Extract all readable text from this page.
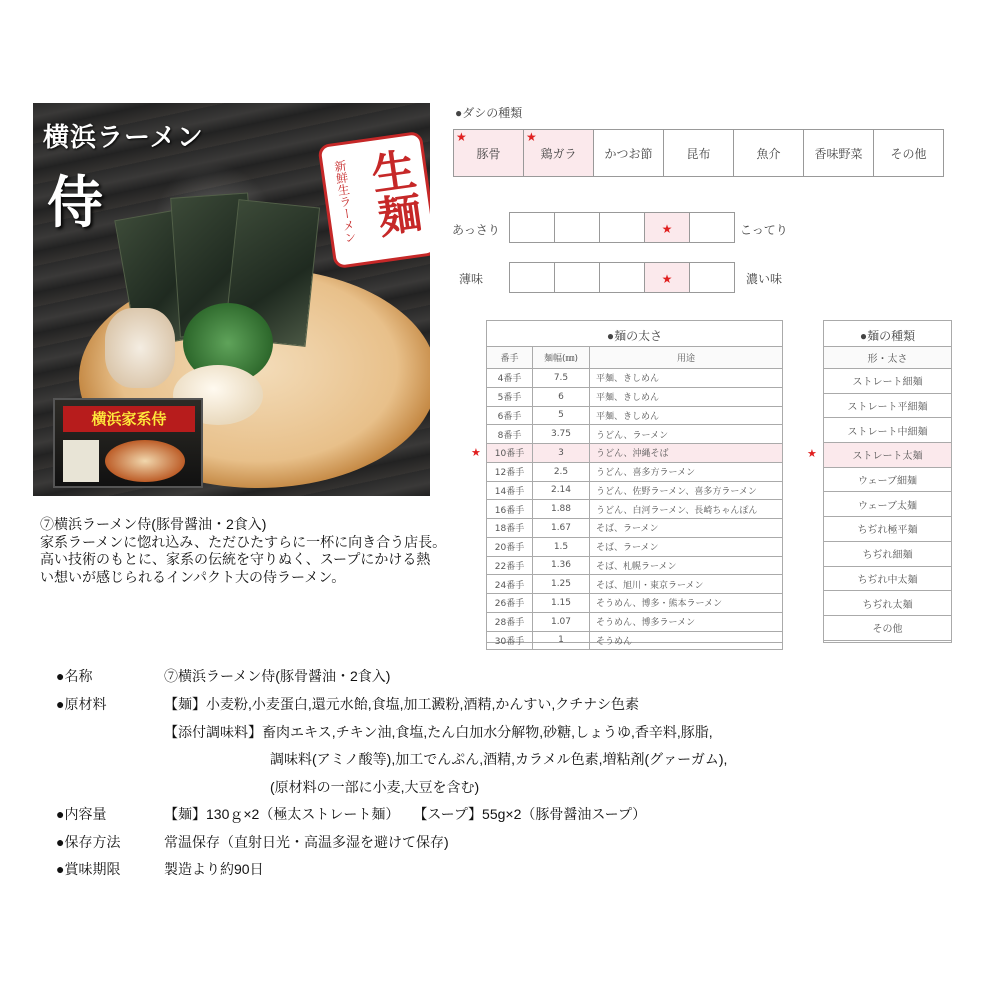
横浜家系侍
横浜ラーメン
侍	新鮮生ラーメン 生麺
⑦横浜ラーメン侍(豚骨醤油・2食入)
家系ラーメンに惚れ込み、ただひたすらに一杯に向き合う店長。
高い技術のもとに、家系の伝統を守りぬく、スープにかける熱
い想いが感じられるインパクト大の侍ラーメン。
●ダシの種類
★
豚骨	
★
鶏ガラ	かつお節	昆布	魚介	香味野菜	その他
あっさり
				★		こってり
薄味
				★		濃い味
●麺の太さ
番手	麺幅(㎜)	用途
4番手	7.5	平麺、きしめん
5番手	6	平麺、きしめん
6番手	5	平麺、きしめん
8番手	3.75	うどん、ラーメン
10番手	3	うどん、沖縄そば
12番手	2.5	うどん、喜多方ラーメン
14番手	2.14	うどん、佐野ラーメン、喜多方ラーメン
16番手	1.88	うどん、白河ラーメン、長崎ちゃんぽん
18番手	1.67	そば、ラーメン
20番手	1.5	そば、ラーメン
22番手	1.36	そば、札幌ラーメン
24番手	1.25	そば、旭川・東京ラーメン
26番手	1.15	そうめん、博多・熊本ラーメン
28番手	1.07	そうめん、博多ラーメン
30番手	1	そうめん
★
●麺の種類
形・太さ
ストレート細麺
ストレート平細麺
ストレート中細麺
ストレート太麺
ウェーブ細麺
ウェーブ太麺
ちぢれ極平麺
ちぢれ細麺
ちぢれ中太麺
ちぢれ太麺
その他
★
●名称	⑦横浜ラーメン侍(豚骨醤油・2食入)
●原材料	【麺】小麦粉,小麦蛋白,還元水飴,食塩,加工澱粉,酒精,かんすい,クチナシ色素
【添付調味料】畜肉エキス,チキン油,食塩,たん白加水分解物,砂糖,しょうゆ,香辛料,豚脂,
調味料(アミノ酸等),加工でんぷん,酒精,カラメル色素,増粘剤(グァーガム),
(原材料の一部に小麦,大豆を含む)
●内容量	【麺】130ｇ×2（極太ストレート麺）　　【スープ】55g×2（豚骨醤油スープ）
●保存方法	常温保存（直射日光・高温多湿を避けて保存)
●賞味期限	製造より約90日
